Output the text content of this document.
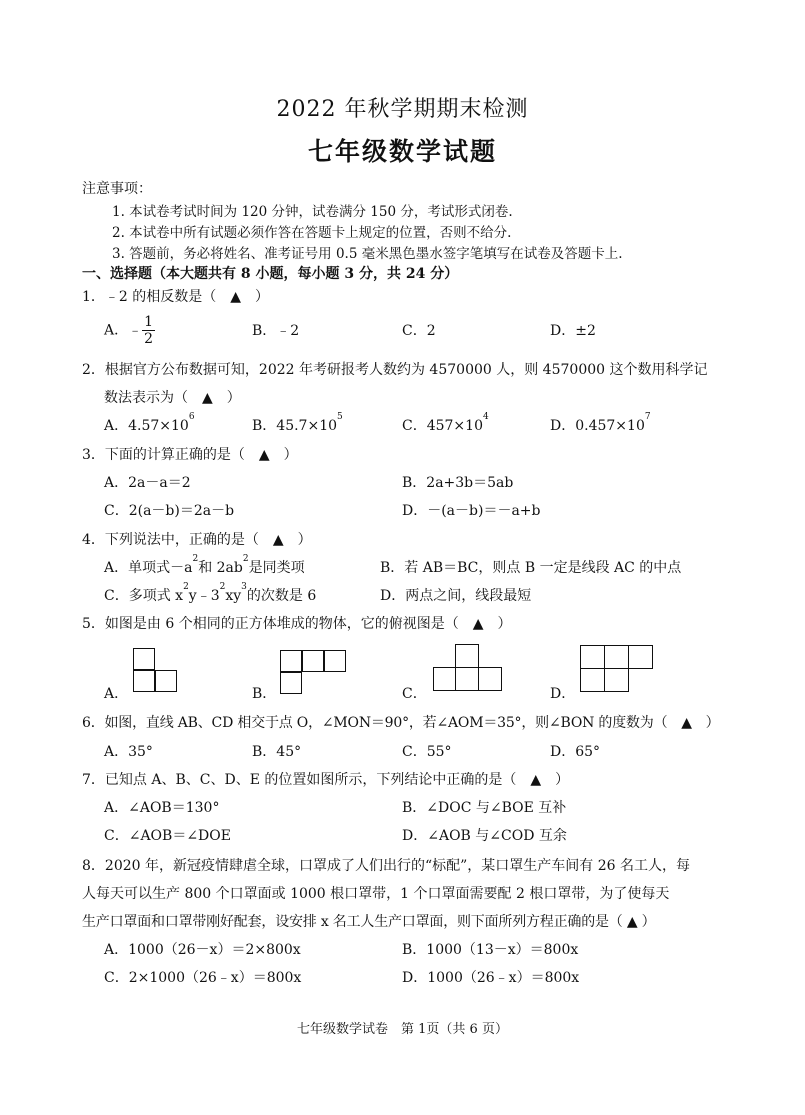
2022 年秋学期期末检测
七年级数学试题
注意事项：
1. 本试卷考试时间为 120 分钟，试卷满分 150 分，考试形式闭卷.
2. 本试卷中所有试题必须作答在答题卡上规定的位置，否则不给分.
3. 答题前，务必将姓名、准考证号用 0.5 毫米黑色墨水签字笔填写在试卷及答题卡上.
一、选择题（本大题共有 8 小题，每小题 3 分，共 24 分）
1．﹣2 的相反数是（　▲　）
A．﹣ $\frac{1}{2}$	B．﹣2	C．2	D．±2
2．根据官方公布数据可知，2022 年考研报考人数约为 4570000 人，则 4570000 这个数用科学记
数法表示为（　▲　）
A．$4.57\times 10^6$
B．$45.7\times 10^5$
C．$457\times 10^4$
D．$0.457\times 10^7$
3．下面的计算正确的是（　▲　）
A．2a－a＝2	B．2a+3b＝5ab
C．2(a－b)＝2a－b	D．－(a－b)＝－a+b
4．下列说法中，正确的是（　▲　）
A．单项式$-a^2$和 $2ab^2$是同类项	B．若 AB＝BC，则点 B 一定是线段 AC 的中点
C．多项式 $x^2y﹣3^2xy^3$的次数是 6	D．两点之间，线段最短
5．如图是由 6 个相同的正方体堆成的物体，它的俯视图是（　▲　）
A．	B．	C．	D．
6．如图，直线 AB、CD 相交于点 O，∠MON＝90°，若∠AOM＝35°，则∠BON 的度数为（　▲　）
A．35°	B．45°	C．55°	D．65°
7．已知点 A、B、C、D、E 的位置如图所示，下列结论中正确的是（　▲　）
A．∠AOB＝130°	B．∠DOC 与∠BOE 互补
C．∠AOB＝∠DOE	D．∠AOB 与∠COD 互余
8．2020 年，新冠疫情肆虐全球，口罩成了人们出行的“标配”，某口罩生产车间有 26 名工人，每
人每天可以生产 800 个口罩面或 1000 根口罩带，1 个口罩面需要配 2 根口罩带，为了使每天
生产口罩面和口罩带刚好配套，设安排 x 名工人生产口罩面，则下面所列方程正确的是（ ▲ ）
A．1000（26－x）＝2×800x	B．1000（13－x）＝800x
C．2×1000（26﹣x）＝800x	D．1000（26﹣x）＝800x
七年级数学试卷　第 1页（共 6 页）
